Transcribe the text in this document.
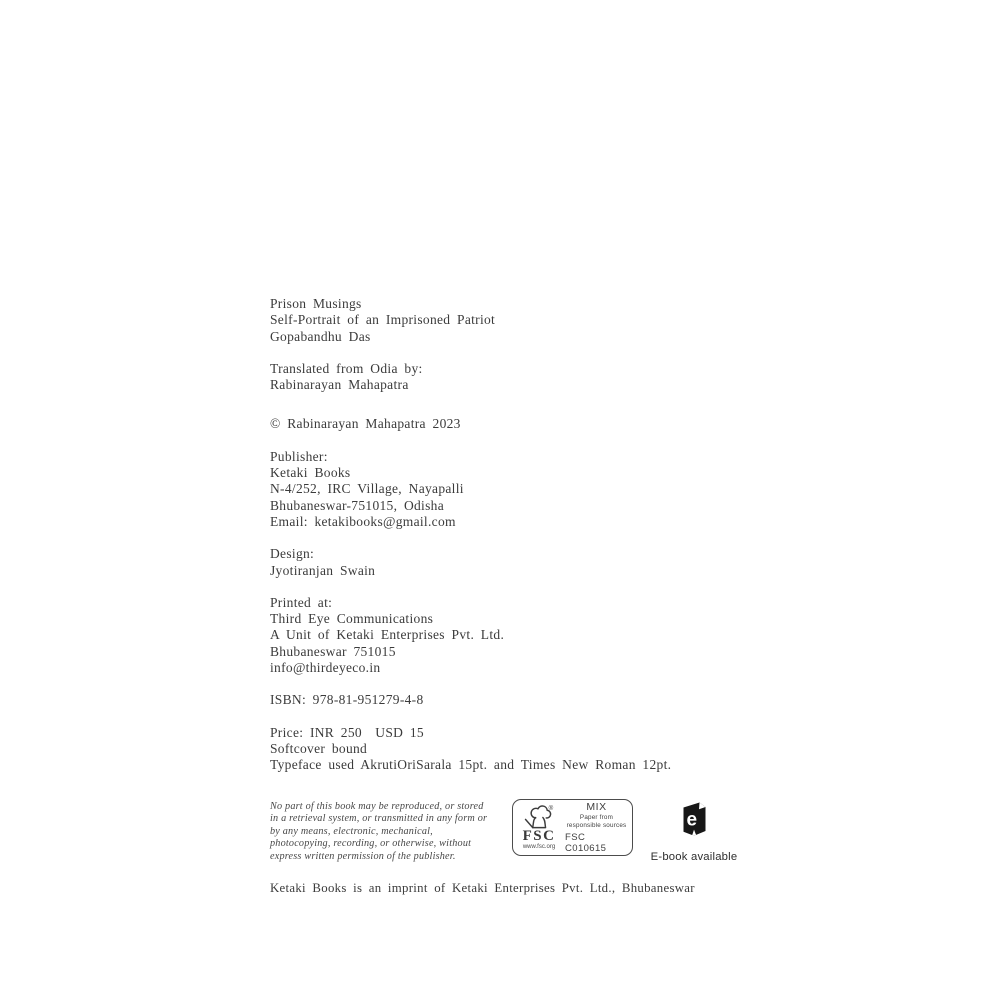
Prison Musings
Self-Portrait of an Imprisoned Patriot
Gopabandhu Das
Translated from Odia by:
Rabinarayan Mahapatra
© Rabinarayan Mahapatra 2023
Publisher:
Ketaki Books
N-4/252, IRC Village, Nayapalli
Bhubaneswar-751015, Odisha
Email: ketakibooks@gmail.com
Design:
Jyotiranjan Swain
Printed at:
Third Eye Communications
A Unit of Ketaki Enterprises Pvt. Ltd.
Bhubaneswar 751015
info@thirdeyeco.in
ISBN: 978-81-951279-4-8
Price: INR 250  USD 15
Softcover bound
Typeface used AkrutiOriSarala 15pt. and Times New Roman 12pt.
No part of this book may be reproduced, or stored
in a retrieval system, or transmitted in any form or
by any means, electronic, mechanical,
photocopying, recording, or otherwise, without
express written permission of the publisher.
®
FSC
www.fsc.org
MIX
Paper from
responsible sources
FSC C010615
e
E-book available
Ketaki Books is an imprint of Ketaki Enterprises Pvt. Ltd., Bhubaneswar
